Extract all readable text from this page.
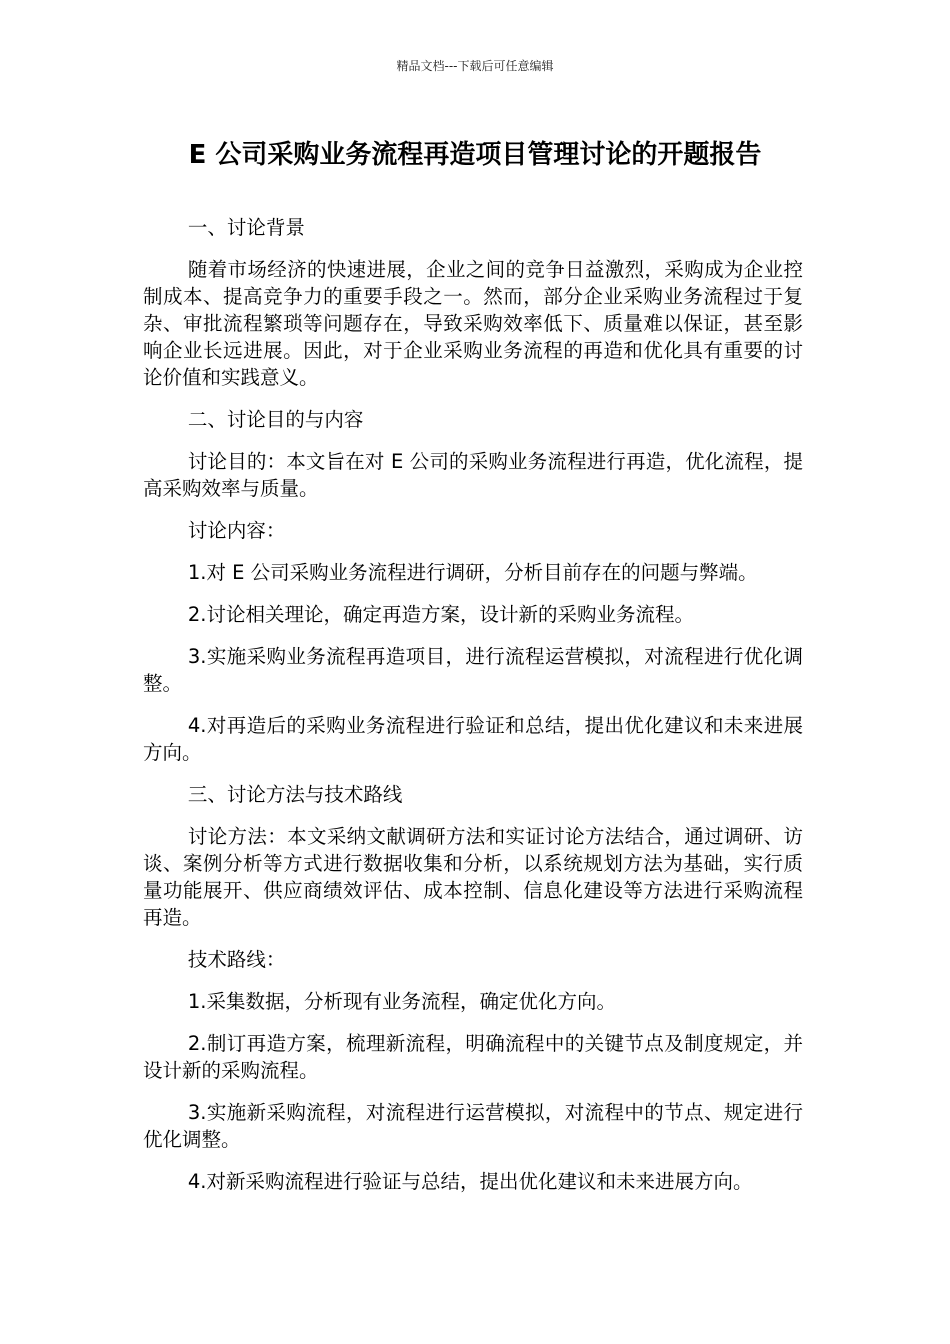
精品文档---下载后可任意编辑
E 公司采购业务流程再造项目管理讨论的开题报告

一、讨论背景

随着市场经济的快速进展，企业之间的竞争日益激烈，采购成为企业控制成本、提高竞争力的重要手段之一。然而，部分企业采购业务流程过于复杂、审批流程繁琐等问题存在，导致采购效率低下、质量难以保证，甚至影响企业长远进展。因此，对于企业采购业务流程的再造和优化具有重要的讨论价值和实践意义。

二、讨论目的与内容

讨论目的：本文旨在对 E 公司的采购业务流程进行再造，优化流程，提高采购效率与质量。

讨论内容：

1.对 E 公司采购业务流程进行调研，分析目前存在的问题与弊端。

2.讨论相关理论，确定再造方案，设计新的采购业务流程。

3.实施采购业务流程再造项目，进行流程运营模拟，对流程进行优化调整。

4.对再造后的采购业务流程进行验证和总结，提出优化建议和未来进展方向。

三、讨论方法与技术路线

讨论方法：本文采纳文献调研方法和实证讨论方法结合，通过调研、访谈、案例分析等方式进行数据收集和分析，以系统规划方法为基础，实行质量功能展开、供应商绩效评估、成本控制、信息化建设等方法进行采购流程再造。

技术路线：

1.采集数据，分析现有业务流程，确定优化方向。

2.制订再造方案，梳理新流程，明确流程中的关键节点及制度规定，并设计新的采购流程。

3.实施新采购流程，对流程进行运营模拟，对流程中的节点、规定进行优化调整。

4.对新采购流程进行验证与总结，提出优化建议和未来进展方向。
